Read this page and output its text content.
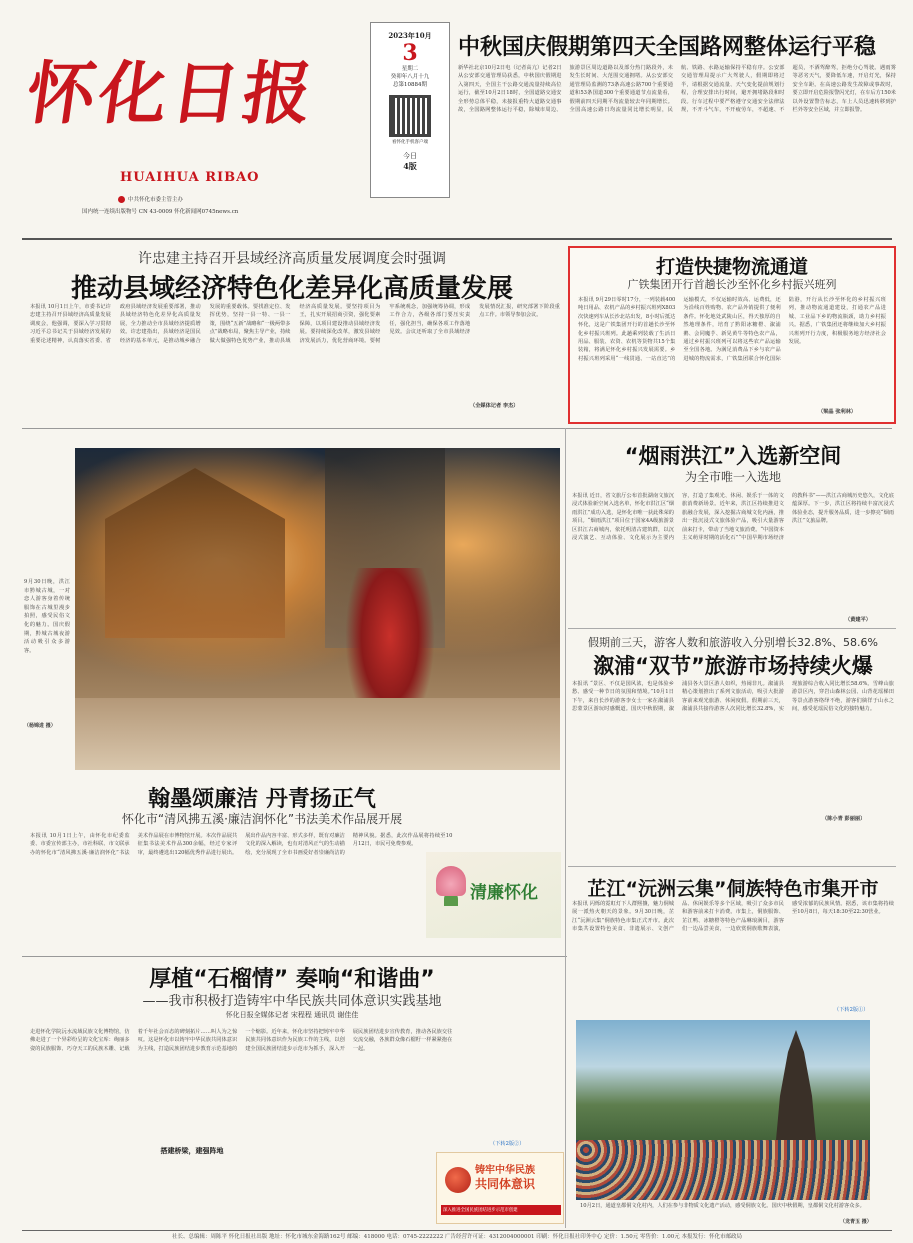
怀化日报
HUAIHUA RIBAO
中共怀化市委主管主办
国内统一连续出版物号 CN 43-0009 怀化新闻网0745news.cn
2023年10月
3
星期二
癸卯年八月十九
总第10884期
看怀化手机客户端
今日
4版
中秋国庆假期第四天全国路网整体运行平稳
新华社北京10月2日电（记者高亢）记者2日从公安部交通管理局获悉，中秋国庆假期进入第四天，全国主干公路交通流量持续高位运行，截至10月2日18时，全国道路交通安全形势总体平稳，未接报重特大道路交通事故，全国路网整体运行平稳，除城市周边、旅游景区周边道路以及部分热门路段外，未发生长时间、大范围交通拥堵。从公安部交通管理局监测的73条高速公路700个重要通道和53条国道300个重要通道节点流量看，假期前四天同期平均流量较去年同期增长。全国高速公路日均流量同比增长明显，民航、铁路、水路运输保持平稳有序。公安部交通管理局提示广大驾驶人，假期即将过半，请根据交通流量、天气变化提前规划行程，合理安排出行时间，避开拥堵路段和时段。行车过程中要严格遵守交通安全法律法规，不开斗气车，不开疲劳车，不超速、不超员，不酒驾醉驾，拒绝分心驾驶。遇雨雾等恶劣天气，要降低车速，开启灯光，保持安全车距。在高速公路发生故障或事故时，要立即开启危险报警闪光灯，在车后方150米以外设置警告标志，车上人员迅速转移到护栏外等安全区域，并立即报警。
许忠建主持召开县域经济高质量发展调度会时强调
推动县域经济特色化差异化高质量发展
本报讯 10月1日上午，市委书记许忠建主持召开县域经济高质量发展调度会，他强调，要深入学习贯彻习近平总书记关于县域经济发展的重要论述精神，认真落实省委、省政府县域经济发展重要部署，推动县域经济特色化差异化高质量发展，全力推动全市县域经济提质增效。许忠建指出，县域经济是国民经济的基本单元，是推动城乡融合发展的重要载体。要找准定位、发挥优势，坚持一县一特、一县一策，围绕“五新”战略和“一极两带多点”战略布局，聚焦主导产业，持续做大做强特色优势产业，推动县域经济高质量发展。要坚持项目为王，扎实开展招商引资，强化要素保障，以项目建设推动县域经济发展。要持续深化改革，激发县域经济发展活力，优化营商环境。要树牢系统观念，加强统筹协调，形成工作合力，各级各部门要压实责任，强化担当，确保各项工作落地见效。会议还听取了全市县域经济发展情况汇报，研究部署下阶段重点工作。市领导参加会议。
（全媒体记者 李杰）
打造快捷物流通道
广铁集团开行首趟长沙至怀化乡村振兴班列
本报讯 9月29日零时17分，一列装载400吨日用品、农机产品的乡村振兴班列X803次快速列车从长沙北站出发，8小时后抵达怀化，这是广铁集团开行的首趟长沙至怀化乡村振兴班列。此趟乘列装载了生活日用品、服装、农资、农机等货物共15个集装箱，将满足怀化乡村振兴发展需要。乡村振兴班列采用“一线贯通、一站直达”的运输模式，不仅运输时效高、运费低，还为沿线百姓购物、农产品外销提供了便利条件。怀化地处武陵山区，得天独厚的自然地理条件，培育了黔阳冰糖橙、溆浦鹅、会同魔芋、新晃黄牛等特色农产品，通过乡村振兴班列可以将这些农产品运输至全国各地。为满足消费品下乡与农产品进城的物流需求，广铁集团联合怀化国际陆港，开行从长沙至怀化的乡村振兴班列，推动物流通道建设，打通农产品进城、工业品下乡的物流瓶颈，助力乡村振兴。据悉，广铁集团还将继续加大乡村振兴班列开行力度，积极服务地方经济社会发展。
（梁晶 张利林）
9月30日晚，洪江市黔城古城，一对恋人游客身着传统服饰在古城里漫步拍照，感受民俗文化的魅力。国庆假期，黔城古城夜游活动吸引众多游客。
（杨锦进 摄）
“烟雨洪江”入选新空间
为全市唯一入选地
本报讯 近日，省文旅厅公布首批湖南文旅沉浸式体验新空间入选名单，怀化市洪江区“烟雨洪江”成功入选，是怀化市唯一获此殊荣的项目。“烟雨洪江”项目位于国家4A级旅游景区洪江古商城内，依托明清古建筑群，以沉浸式演艺、互动体验、文化展示为主要内容，打造了集观光、休闲、娱乐于一体的文旅消费新场景。近年来，洪江区持续推进文旅融合发展，深入挖掘古商城文化内涵，推出一批沉浸式文旅体验产品，吸引大量游客前来打卡，带动了当地文旅消费。“中国资本主义萌芽时期的活化石”“中国早期市场经济的教科书”——洪江古商城历史悠久，文化底蕴深厚。下一步，洪江区将持续丰富沉浸式体验业态，提升服务品质，进一步擦亮“烟雨洪江”文旅品牌。
（黄建平）
假期前三天，游客人数和旅游收入分别增长32.8%、58.6%
溆浦“双节”旅游市场持续火爆
本报讯 “景区、不仅是国风浓，也是体验乡愁、感受一种节日的氛围和情境。”10月1日下午，来自长沙的游客李女士一家在溆浦县思蒙景区游玩时感慨道。国庆中秋假期，溆浦县各大景区游人如织，热闹非凡。溆浦县精心策划推出了系列文旅活动，吸引大批游客前来观光旅游、休闲度假。假期前三天，溆浦县共接待游客人次同比增长32.8%，实现旅游综合收入同比增长58.6%。雪峰山旅游景区内，穿岩山森林公园、山背花瑶梯田等景点游客络绎不绝，游客们徜徉于山水之间，感受花瑶民俗文化的独特魅力。
（陈小青 彭丽丽）
翰墨颂廉洁 丹青扬正气
怀化市“清风拂五溪·廉洁润怀化”书法美术作品展开展
本报讯 10月1日上午，由怀化市纪委监委、市委宣传部主办，市社科联、市文联承办的怀化市“清风拂五溪·廉洁润怀化”书法美术作品展在市博物馆开展。本次作品展共征集书法美术作品300余幅，经过专家评审，最终遴选出120幅优秀作品进行展出。展出作品内容丰富、形式多样，既有对廉洁文化的深入解读，也有对清风正气的生动描绘，充分展现了全市书画爱好者崇廉尚洁的精神风貌。据悉，此次作品展将持续至10月12日，市民可免费参观。
清廉怀化	芷江“沅洲云集”侗族特色市集开市
本报讯 闪烁的霓虹灯下人群熙攘，魅力侗城展一派热火朝天的景象。9月30日晚，芷江“沅洲云集”侗族特色市集正式开市。此次市集共设置特色美食、非遗展示、文创产品、休闲娱乐等多个区域，吸引了众多市民和游客前来打卡消费。市集上，侗族服饰、芷江鸭、冰糖橙等特色产品琳琅满目，游客们一边品尝美食，一边欣赏侗族歌舞表演，感受浓郁的民族风情。据悉，该市集将持续至10月8日，每天18:30至22:30营业。
（下转2版①）
10月2日，通道皇都侗文化村内，人们在参与非物质文化遗产活动，感受侗族文化。国庆中秋假期，皇都侗文化村游客众多。
（龙青玉 摄）
厚植“石榴情” 奏响“和谐曲”
——我市积极打造铸牢中华民族共同体意识实践基地
怀化日报全媒体记者 宋程程 通讯员 谢佳佳
走进怀化学院沅水流域民族文化博物馆，仿佛走进了一个异彩纷呈的文化宝库：绚丽多姿的民族服饰、巧夺天工的民族木雕、记载着千年社会百态的碑刻拓片……叫人为之惊叹。这是怀化市以铸牢中华民族共同体意识为主线，打造民族团结进步教育示范基地的一个缩影。近年来，怀化市坚持把铸牢中华民族共同体意识作为民族工作的主线，以创建全国民族团结进步示范市为抓手，深入开展民族团结进步宣传教育，推动各民族交往交流交融，各族群众像石榴籽一样紧紧抱在一起。
搭建桥梁，建强阵地
（下转2版②）
铸牢中华民族
共同体意识
深入推进全国民族团结进步示范市创建
社长、总编辑：周陈平 怀化日报社出版 地址：怀化市城东金海路162号 邮编：418000 电话：0745-2222222 广告经营许可证：4312004000001 印刷：怀化日报社印务中心 定价：1.50元 零售价：1.00元 本报发行：怀化市邮政局
